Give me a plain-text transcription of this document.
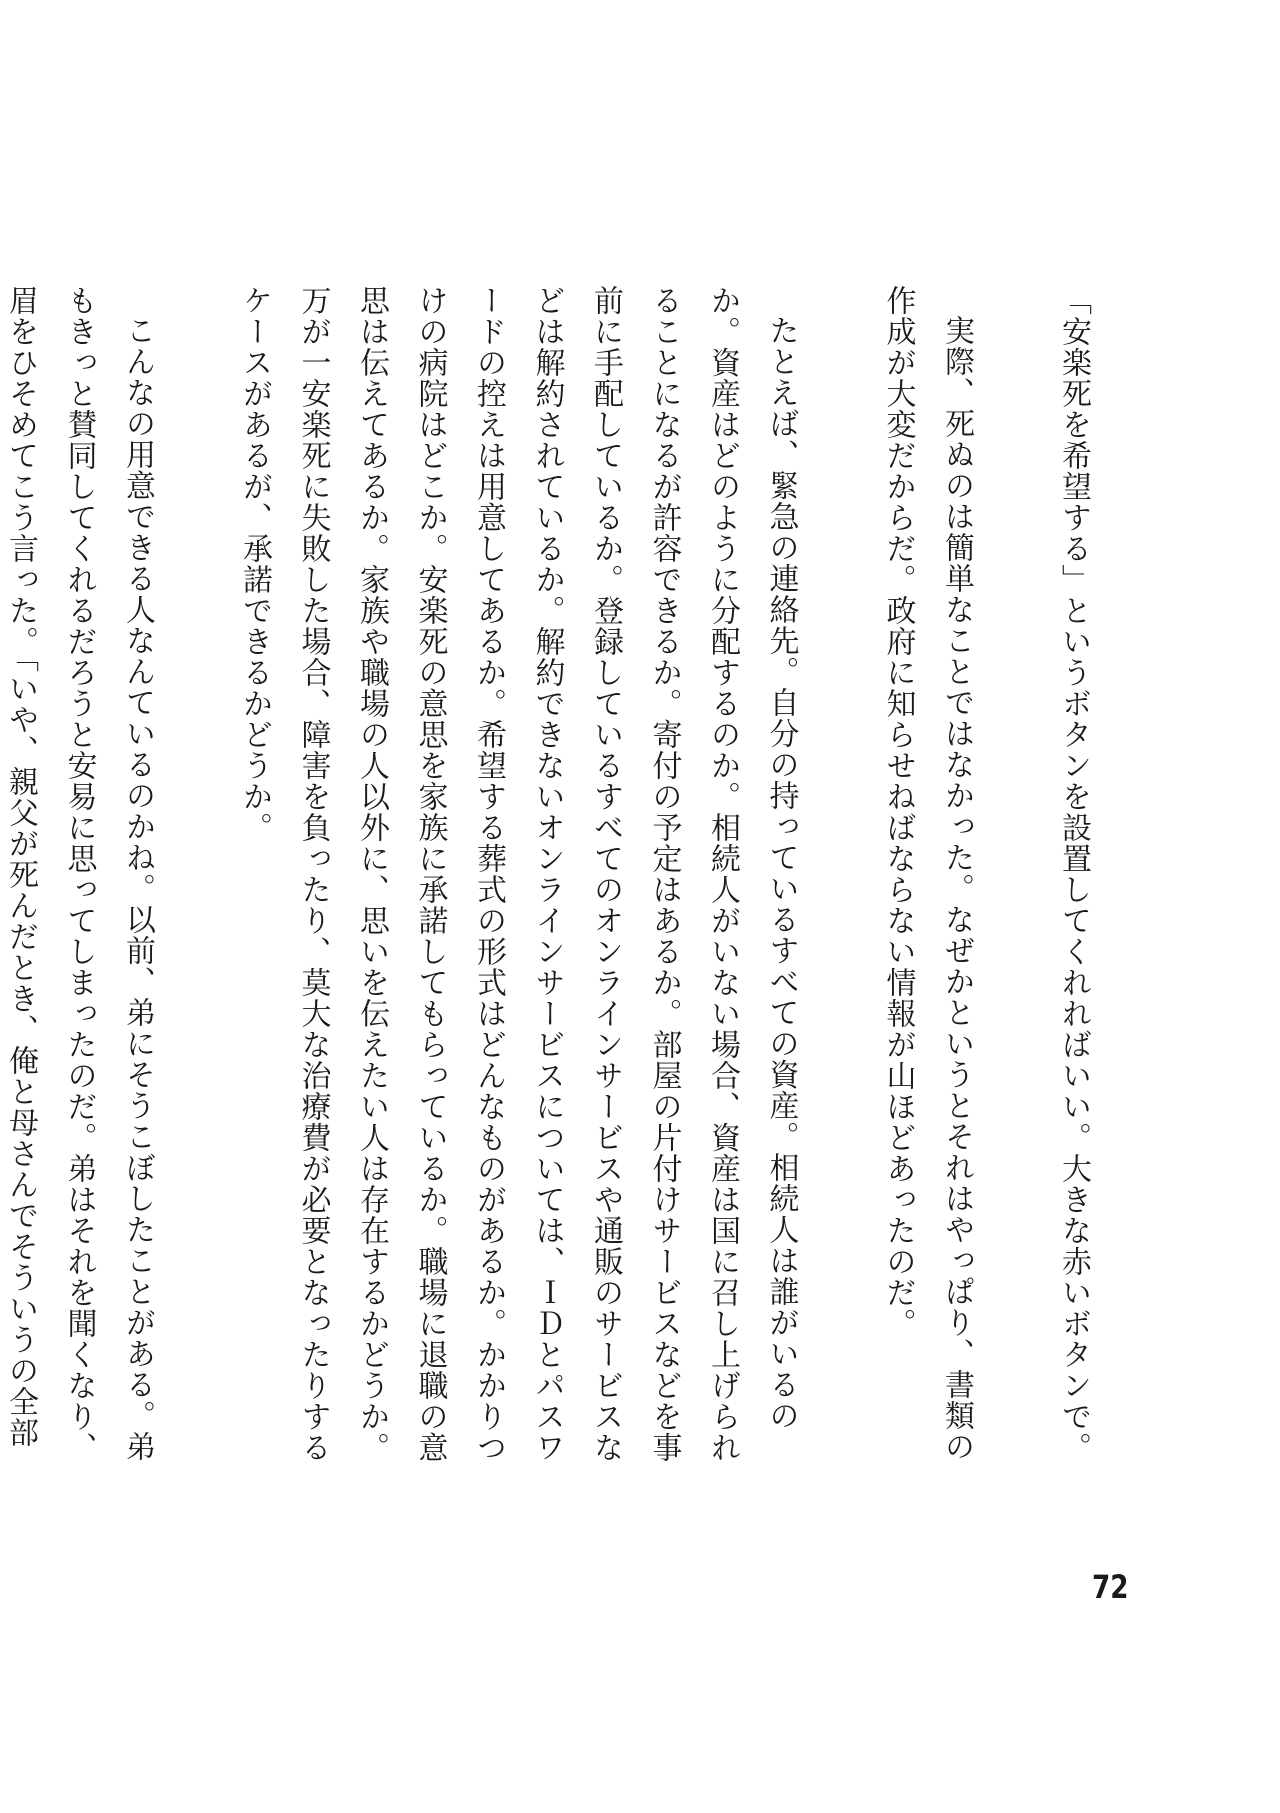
「安楽死を希望する」というボタンを設置してくれればいい。大きな赤いボタンで。

実際、死ぬのは簡単なことではなかった。なぜかというとそれはやっぱり、書類の作成が大変だからだ。政府に知らせねばならない情報が山ほどあったのだ。

たとえば、緊急の連絡先。自分の持っているすべての資産。相続人は誰がいるのか。資産はどのように分配するのか。相続人がいない場合、資産は国に召し上げられることになるが許容できるか。寄付の予定はあるか。部屋の片付けサービスなどを事前に手配しているか。登録しているすべてのオンラインサービスや通販のサービスなどは解約されているか。解約できないオンラインサービスについては、ＩＤとパスワードの控えは用意してあるか。希望する葬式の形式はどんなものがあるか。かかりつけの病院はどこか。安楽死の意思を家族に承諾してもらっているか。職場に退職の意思は伝えてあるか。家族や職場の人以外に、思いを伝えたい人は存在するかどうか。万が一安楽死に失敗した場合、障害を負ったり、莫大な治療費が必要となったりするケースがあるが、承諾できるかどうか。

こんなの用意できる人なんているのかね。以前、弟にそうこぼしたことがある。弟もきっと賛同してくれるだろうと安易に思ってしまったのだ。弟はそれを聞くなり、眉をひそめてこう言った。「いや、親父が死んだとき、俺と母さんでそういうの全部

72
